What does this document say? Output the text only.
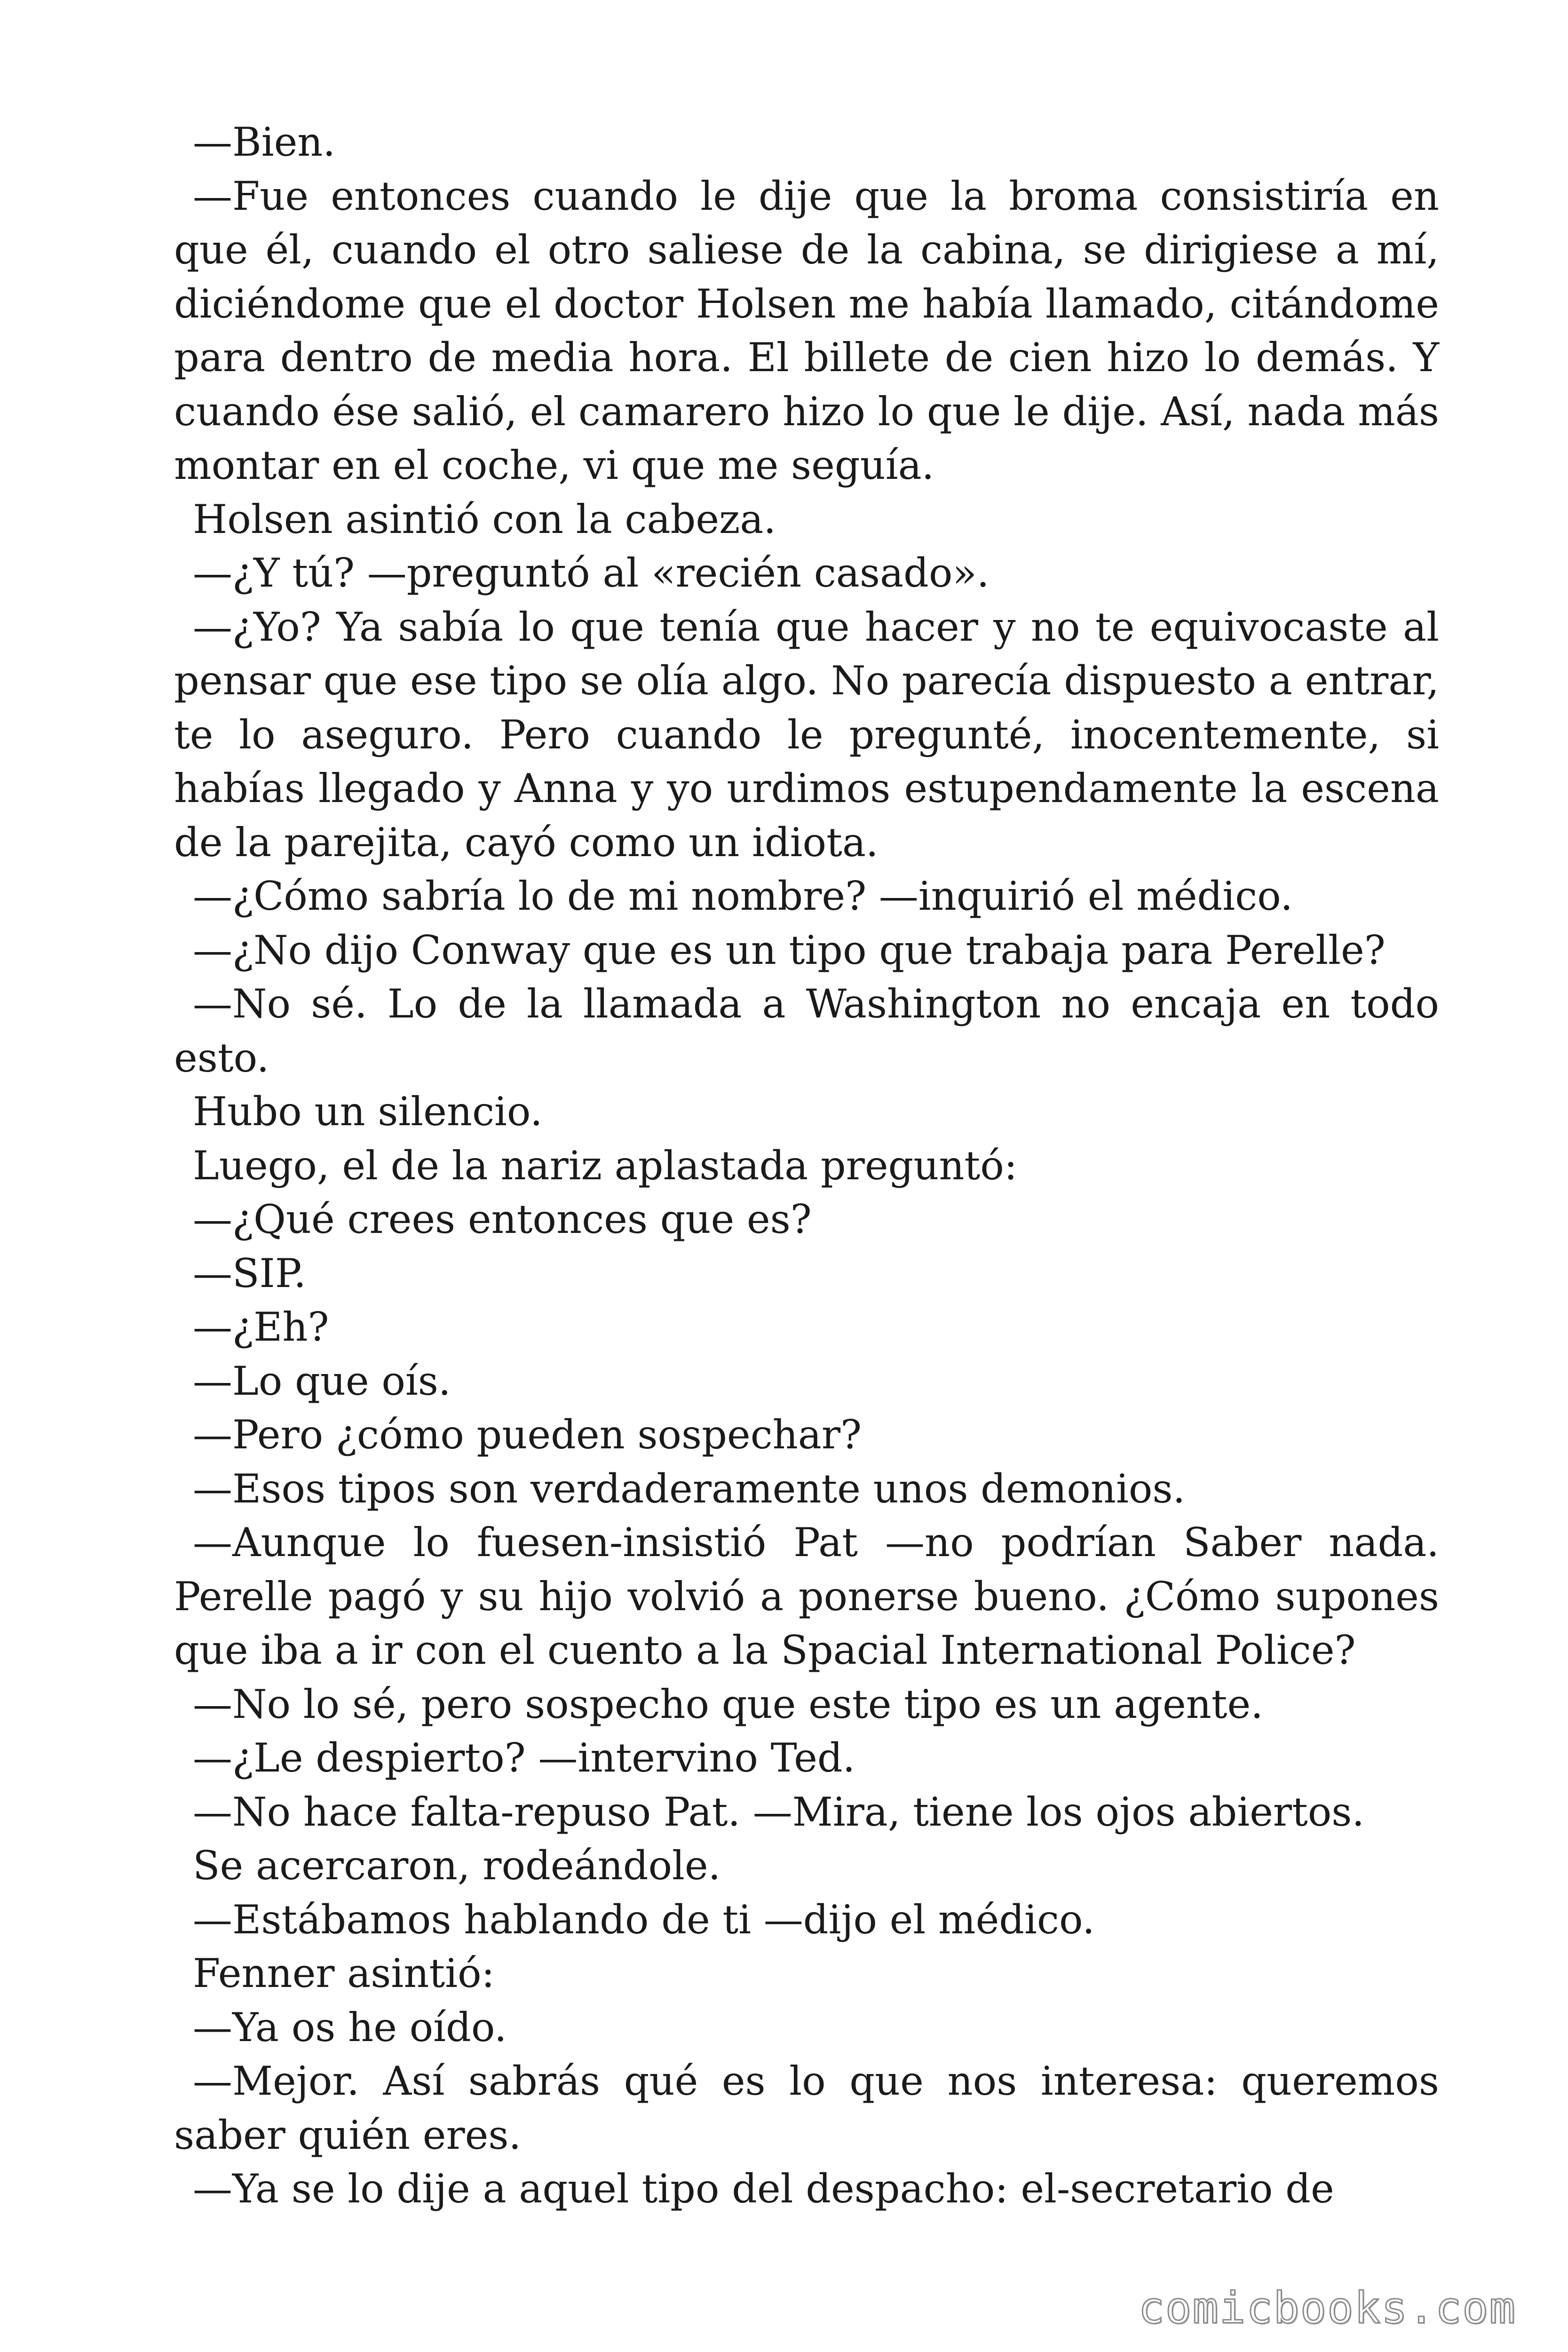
—Bien.

—Fue entonces cuando le dije que la broma consistiría en que él, cuando el otro saliese de la cabina, se dirigiese a mí, diciéndome que el doctor Holsen me había llamado, citándome para dentro de media hora. El billete de cien hizo lo demás. Y cuando ése salió, el camarero hizo lo que le dije. Así, nada más montar en el coche, vi que me seguía.

Holsen asintió con la cabeza.

—¿Y tú? —preguntó al «recién casado».

—¿Yo? Ya sabía lo que tenía que hacer y no te equivocaste al pensar que ese tipo se olía algo. No parecía dispuesto a entrar, te lo aseguro. Pero cuando le pregunté, inocentemente, si habías llegado y Anna y yo urdimos estupendamente la escena de la parejita, cayó como un idiota.

—¿Cómo sabría lo de mi nombre? —inquirió el médico.

—¿No dijo Conway que es un tipo que trabaja para Perelle?

—No sé. Lo de la llamada a Washington no encaja en todo esto.

Hubo un silencio.

Luego, el de la nariz aplastada preguntó:

—¿Qué crees entonces que es?

—SIP.

—¿Eh?

—Lo que oís.

—Pero ¿cómo pueden sospechar?

—Esos tipos son verdaderamente unos demonios.

—Aunque lo fuesen-insistió Pat —no podrían Saber nada. Perelle pagó y su hijo volvió a ponerse bueno. ¿Cómo supones que iba a ir con el cuento a la Spacial International Police?

—No lo sé, pero sospecho que este tipo es un agente.

—¿Le despierto? —intervino Ted.

—No hace falta-repuso Pat. —Mira, tiene los ojos abiertos.

Se acercaron, rodeándole.

—Estábamos hablando de ti —dijo el médico.

Fenner asintió:

—Ya os he oído.

—Mejor. Así sabrás qué es lo que nos interesa: queremos saber quién eres.

—Ya se lo dije a aquel tipo del despacho: el-secretario de

comicbooks.com
